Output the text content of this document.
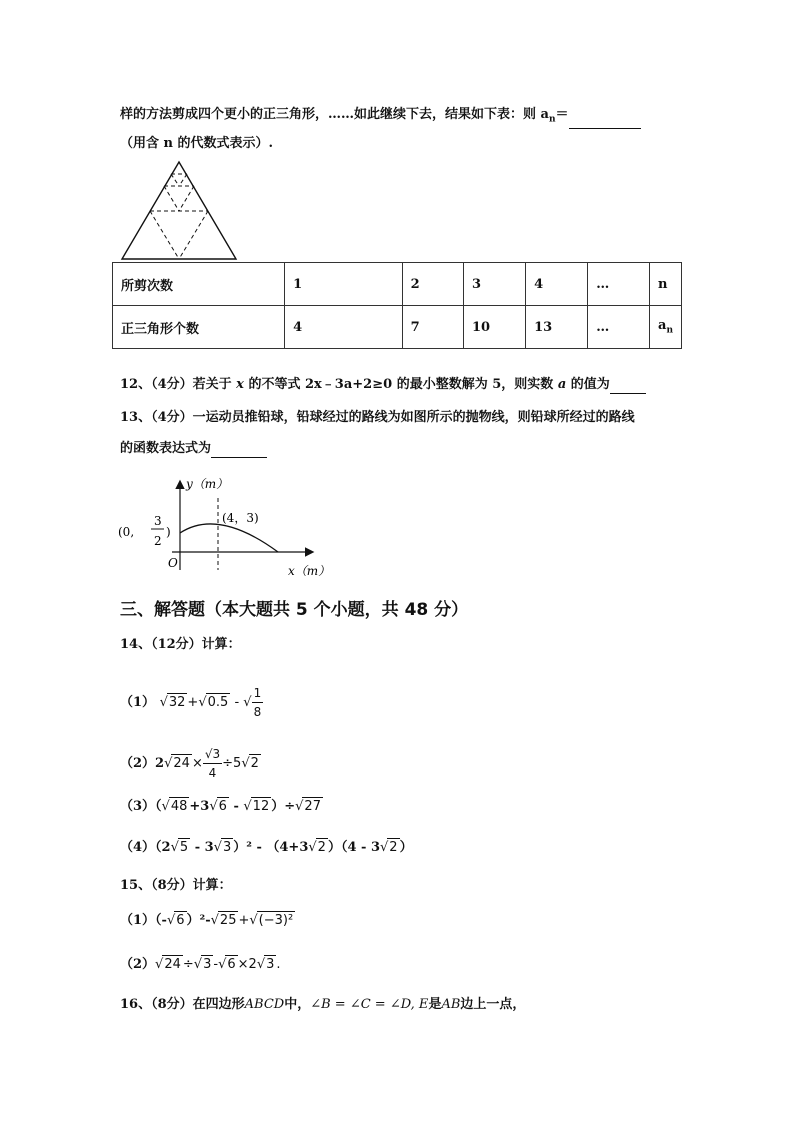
样的方法剪成四个更小的正三角形，……如此继续下去，结果如下表：则 $a_n=$
（用含 n 的代数式表示）.
所剪次数	1	2	3	4	…	n
正三角形个数	4	7	10	13	…	$a_n$
12、（4分）若关于 x 的不等式 2x﹣3a+2≥0 的最小整数解为 5，则实数 a 的值为
13、（4分）一运动员推铅球，铅球经过的路线为如图所示的抛物线，则铅球所经过的路线
的函数表达式为
y（m）
x（m）
O
(4，3)
(0,
3
2
)
三、解答题（本大题共 5 个小题，共 48 分）
14、（12分）计算：
（1） √32 +√0.5 - √ $\frac{1}{8}$
$(2)2√24 \times \frac{√3}{4} \div 5√2$
（3）（√48 +3√6 - √12 ）÷√27
（4）（2√5 - 3√3 ）² - （4+3√2 ）（4 - 3√2 ）
15、（8分）计算：
（1）（-√6 ）²-√25 +√(−3)²
（2）√24 ÷√3 -√6 ×2√3 .
16、（8分）在四边形ABCD中，∠B = ∠C = ∠D, E是AB边上一点，
